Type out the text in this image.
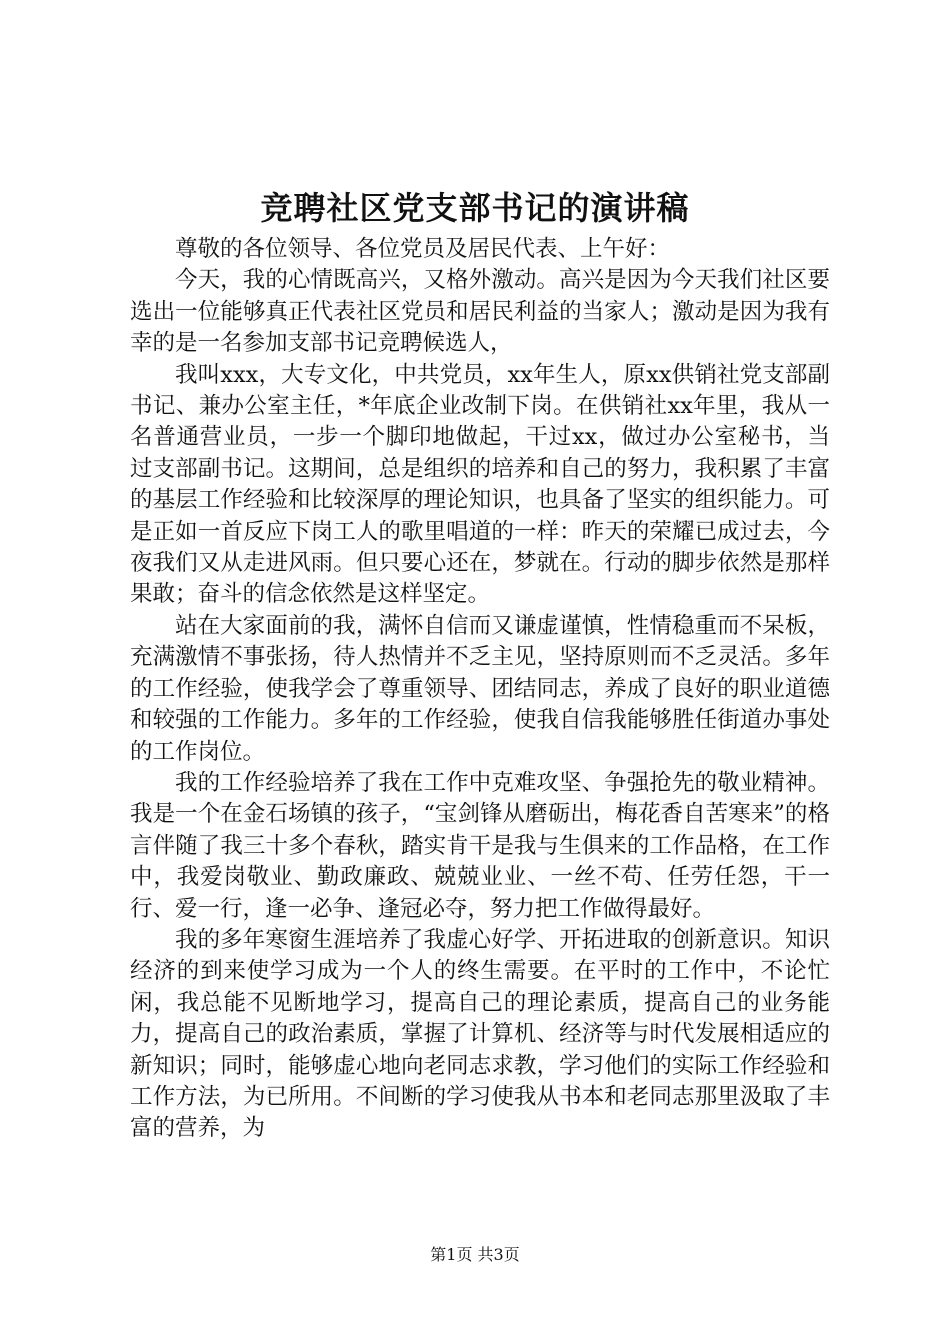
竞聘社区党支部书记的演讲稿

尊敬的各位领导、各位党员及居民代表、上午好：

今天，我的心情既高兴，又格外激动。高兴是因为今天我们社区要选出一位能够真正代表社区党员和居民利益的当家人；激动是因为我有幸的是一名参加支部书记竞聘候选人，

我叫xxx，大专文化，中共党员，xx年生人，原xx供销社党支部副书记、兼办公室主任，*年底企业改制下岗。在供销社xx年里，我从一名普通营业员，一步一个脚印地做起，干过xx，做过办公室秘书，当过支部副书记。这期间，总是组织的培养和自己的努力，我积累了丰富的基层工作经验和比较深厚的理论知识，也具备了坚实的组织能力。可是正如一首反应下岗工人的歌里唱道的一样：昨天的荣耀已成过去，今夜我们又从走进风雨。但只要心还在，梦就在。行动的脚步依然是那样果敢；奋斗的信念依然是这样坚定。

站在大家面前的我，满怀自信而又谦虚谨慎，性情稳重而不呆板，充满激情不事张扬，待人热情并不乏主见，坚持原则而不乏灵活。多年的工作经验，使我学会了尊重领导、团结同志，养成了良好的职业道德和较强的工作能力。多年的工作经验，使我自信我能够胜任街道办事处的工作岗位。

我的工作经验培养了我在工作中克难攻坚、争强抢先的敬业精神。我是一个在金石场镇的孩子，“宝剑锋从磨砺出，梅花香自苦寒来”的格言伴随了我三十多个春秋，踏实肯干是我与生俱来的工作品格，在工作中，我爱岗敬业、勤政廉政、兢兢业业、一丝不苟、任劳任怨，干一行、爱一行，逢一必争、逢冠必夺，努力把工作做得最好。

我的多年寒窗生涯培养了我虚心好学、开拓进取的创新意识。知识经济的到来使学习成为一个人的终生需要。在平时的工作中，不论忙闲，我总能不见断地学习，提高自己的理论素质，提高自己的业务能力，提高自己的政治素质，掌握了计算机、经济等与时代发展相适应的新知识；同时，能够虚心地向老同志求教，学习他们的实际工作经验和工作方法，为已所用。不间断的学习使我从书本和老同志那里汲取了丰富的营养，为

第1页 共3页
